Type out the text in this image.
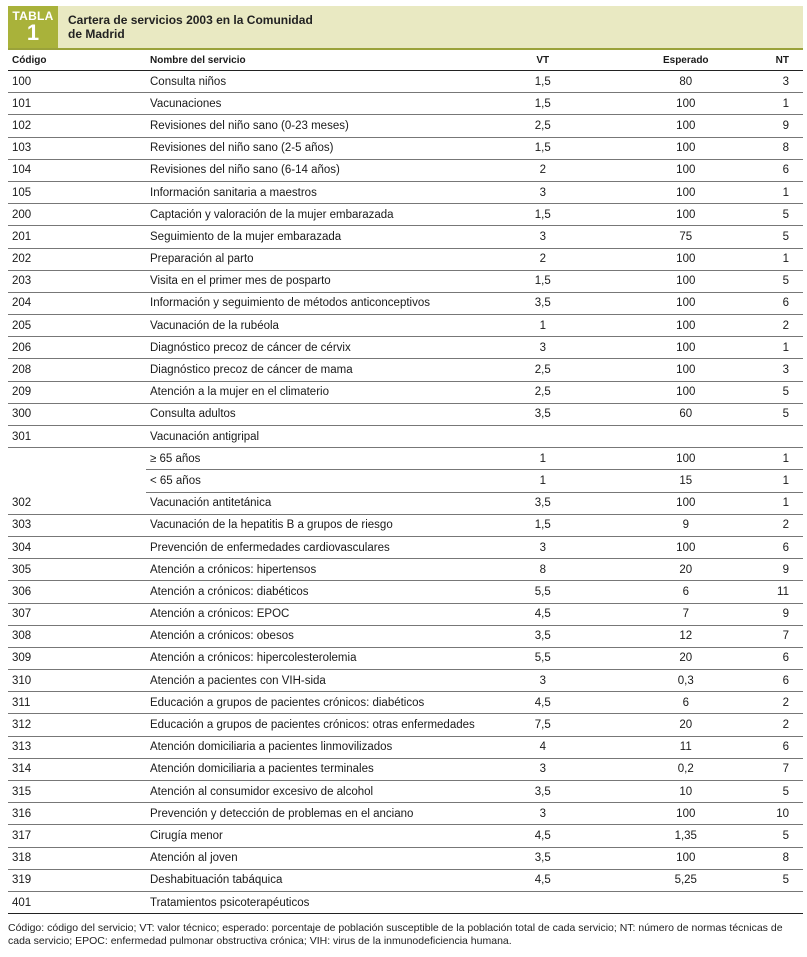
TABLA
1	Cartera de servicios 2003 en la Comunidad
de Madrid
Código	Nombre del servicio	VT	Esperado	NT
100	Consulta niños	1,5	80	3
101	Vacunaciones	1,5	100	1
102	Revisiones del niño sano (0-23 meses)	2,5	100	9
103	Revisiones del niño sano (2-5 años)	1,5	100	8
104	Revisiones del niño sano (6-14 años)	2	100	6
105	Información sanitaria a maestros	3	100	1
200	Captación y valoración de la mujer embarazada	1,5	100	5
201	Seguimiento de la mujer embarazada	3	75	5
202	Preparación al parto	2	100	1
203	Visita en el primer mes de posparto	1,5	100	5
204	Información y seguimiento de métodos anticonceptivos	3,5	100	6
205	Vacunación de la rubéola	1	100	2
206	Diagnóstico precoz de cáncer de cérvix	3	100	1
208	Diagnóstico precoz de cáncer de mama	2,5	100	3
209	Atención a la mujer en el climaterio	2,5	100	5
300	Consulta adultos	3,5	60	5
301	Vacunación antigripal			
	≥ 65 años	1	100	1
	< 65 años	1	15	1
302	Vacunación antitetánica	3,5	100	1
303	Vacunación de la hepatitis B a grupos de riesgo	1,5	9	2
304	Prevención de enfermedades cardiovasculares	3	100	6
305	Atención a crónicos: hipertensos	8	20	9
306	Atención a crónicos: diabéticos	5,5	6	11
307	Atención a crónicos: EPOC	4,5	7	9
308	Atención a crónicos: obesos	3,5	12	7
309	Atención a crónicos: hipercolesterolemia	5,5	20	6
310	Atención a pacientes con VIH-sida	3	0,3	6
311	Educación a grupos de pacientes crónicos: diabéticos	4,5	6	2
312	Educación a grupos de pacientes crónicos: otras enfermedades	7,5	20	2
313	Atención domiciliaria a pacientes linmovilizados	4	11	6
314	Atención domiciliaria a pacientes terminales	3	0,2	7
315	Atención al consumidor excesivo de alcohol	3,5	10	5
316	Prevención y detección de problemas en el anciano	3	100	10
317	Cirugía menor	4,5	1,35	5
318	Atención al joven	3,5	100	8
319	Deshabituación tabáquica	4,5	5,25	5
401	Tratamientos psicoterapéuticos			
Código: código del servicio; VT: valor técnico; esperado: porcentaje de población susceptible de la población total de cada servicio; NT: número de normas técnicas de cada servicio; EPOC: enfermedad pulmonar obstructiva crónica; VIH: virus de la inmunodeficiencia humana.
